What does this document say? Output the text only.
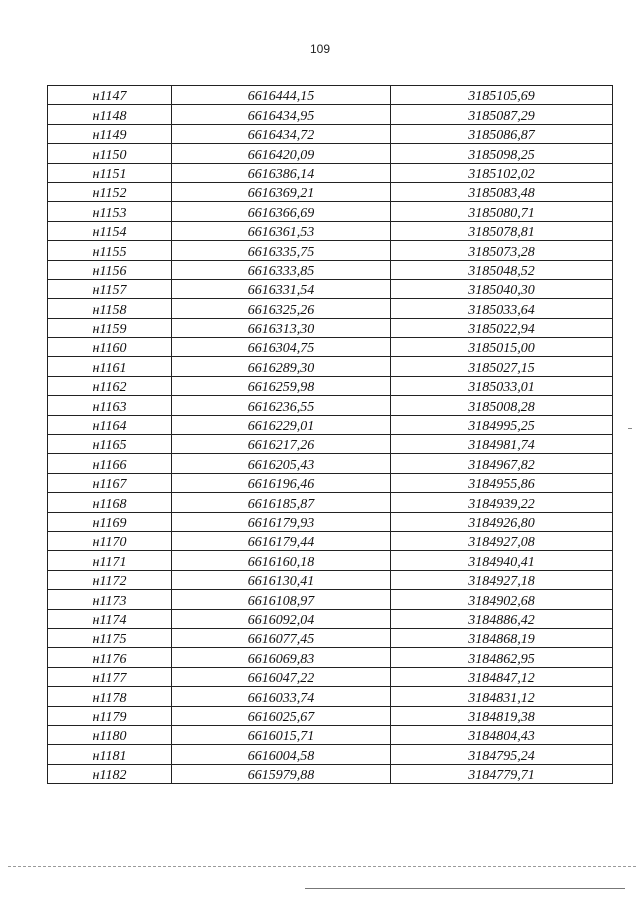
109
н1147	6616444,15	3185105,69
н1148	6616434,95	3185087,29
н1149	6616434,72	3185086,87
н1150	6616420,09	3185098,25
н1151	6616386,14	3185102,02
н1152	6616369,21	3185083,48
н1153	6616366,69	3185080,71
н1154	6616361,53	3185078,81
н1155	6616335,75	3185073,28
н1156	6616333,85	3185048,52
н1157	6616331,54	3185040,30
н1158	6616325,26	3185033,64
н1159	6616313,30	3185022,94
н1160	6616304,75	3185015,00
н1161	6616289,30	3185027,15
н1162	6616259,98	3185033,01
н1163	6616236,55	3185008,28
н1164	6616229,01	3184995,25
н1165	6616217,26	3184981,74
н1166	6616205,43	3184967,82
н1167	6616196,46	3184955,86
н1168	6616185,87	3184939,22
н1169	6616179,93	3184926,80
н1170	6616179,44	3184927,08
н1171	6616160,18	3184940,41
н1172	6616130,41	3184927,18
н1173	6616108,97	3184902,68
н1174	6616092,04	3184886,42
н1175	6616077,45	3184868,19
н1176	6616069,83	3184862,95
н1177	6616047,22	3184847,12
н1178	6616033,74	3184831,12
н1179	6616025,67	3184819,38
н1180	6616015,71	3184804,43
н1181	6616004,58	3184795,24
н1182	6615979,88	3184779,71
